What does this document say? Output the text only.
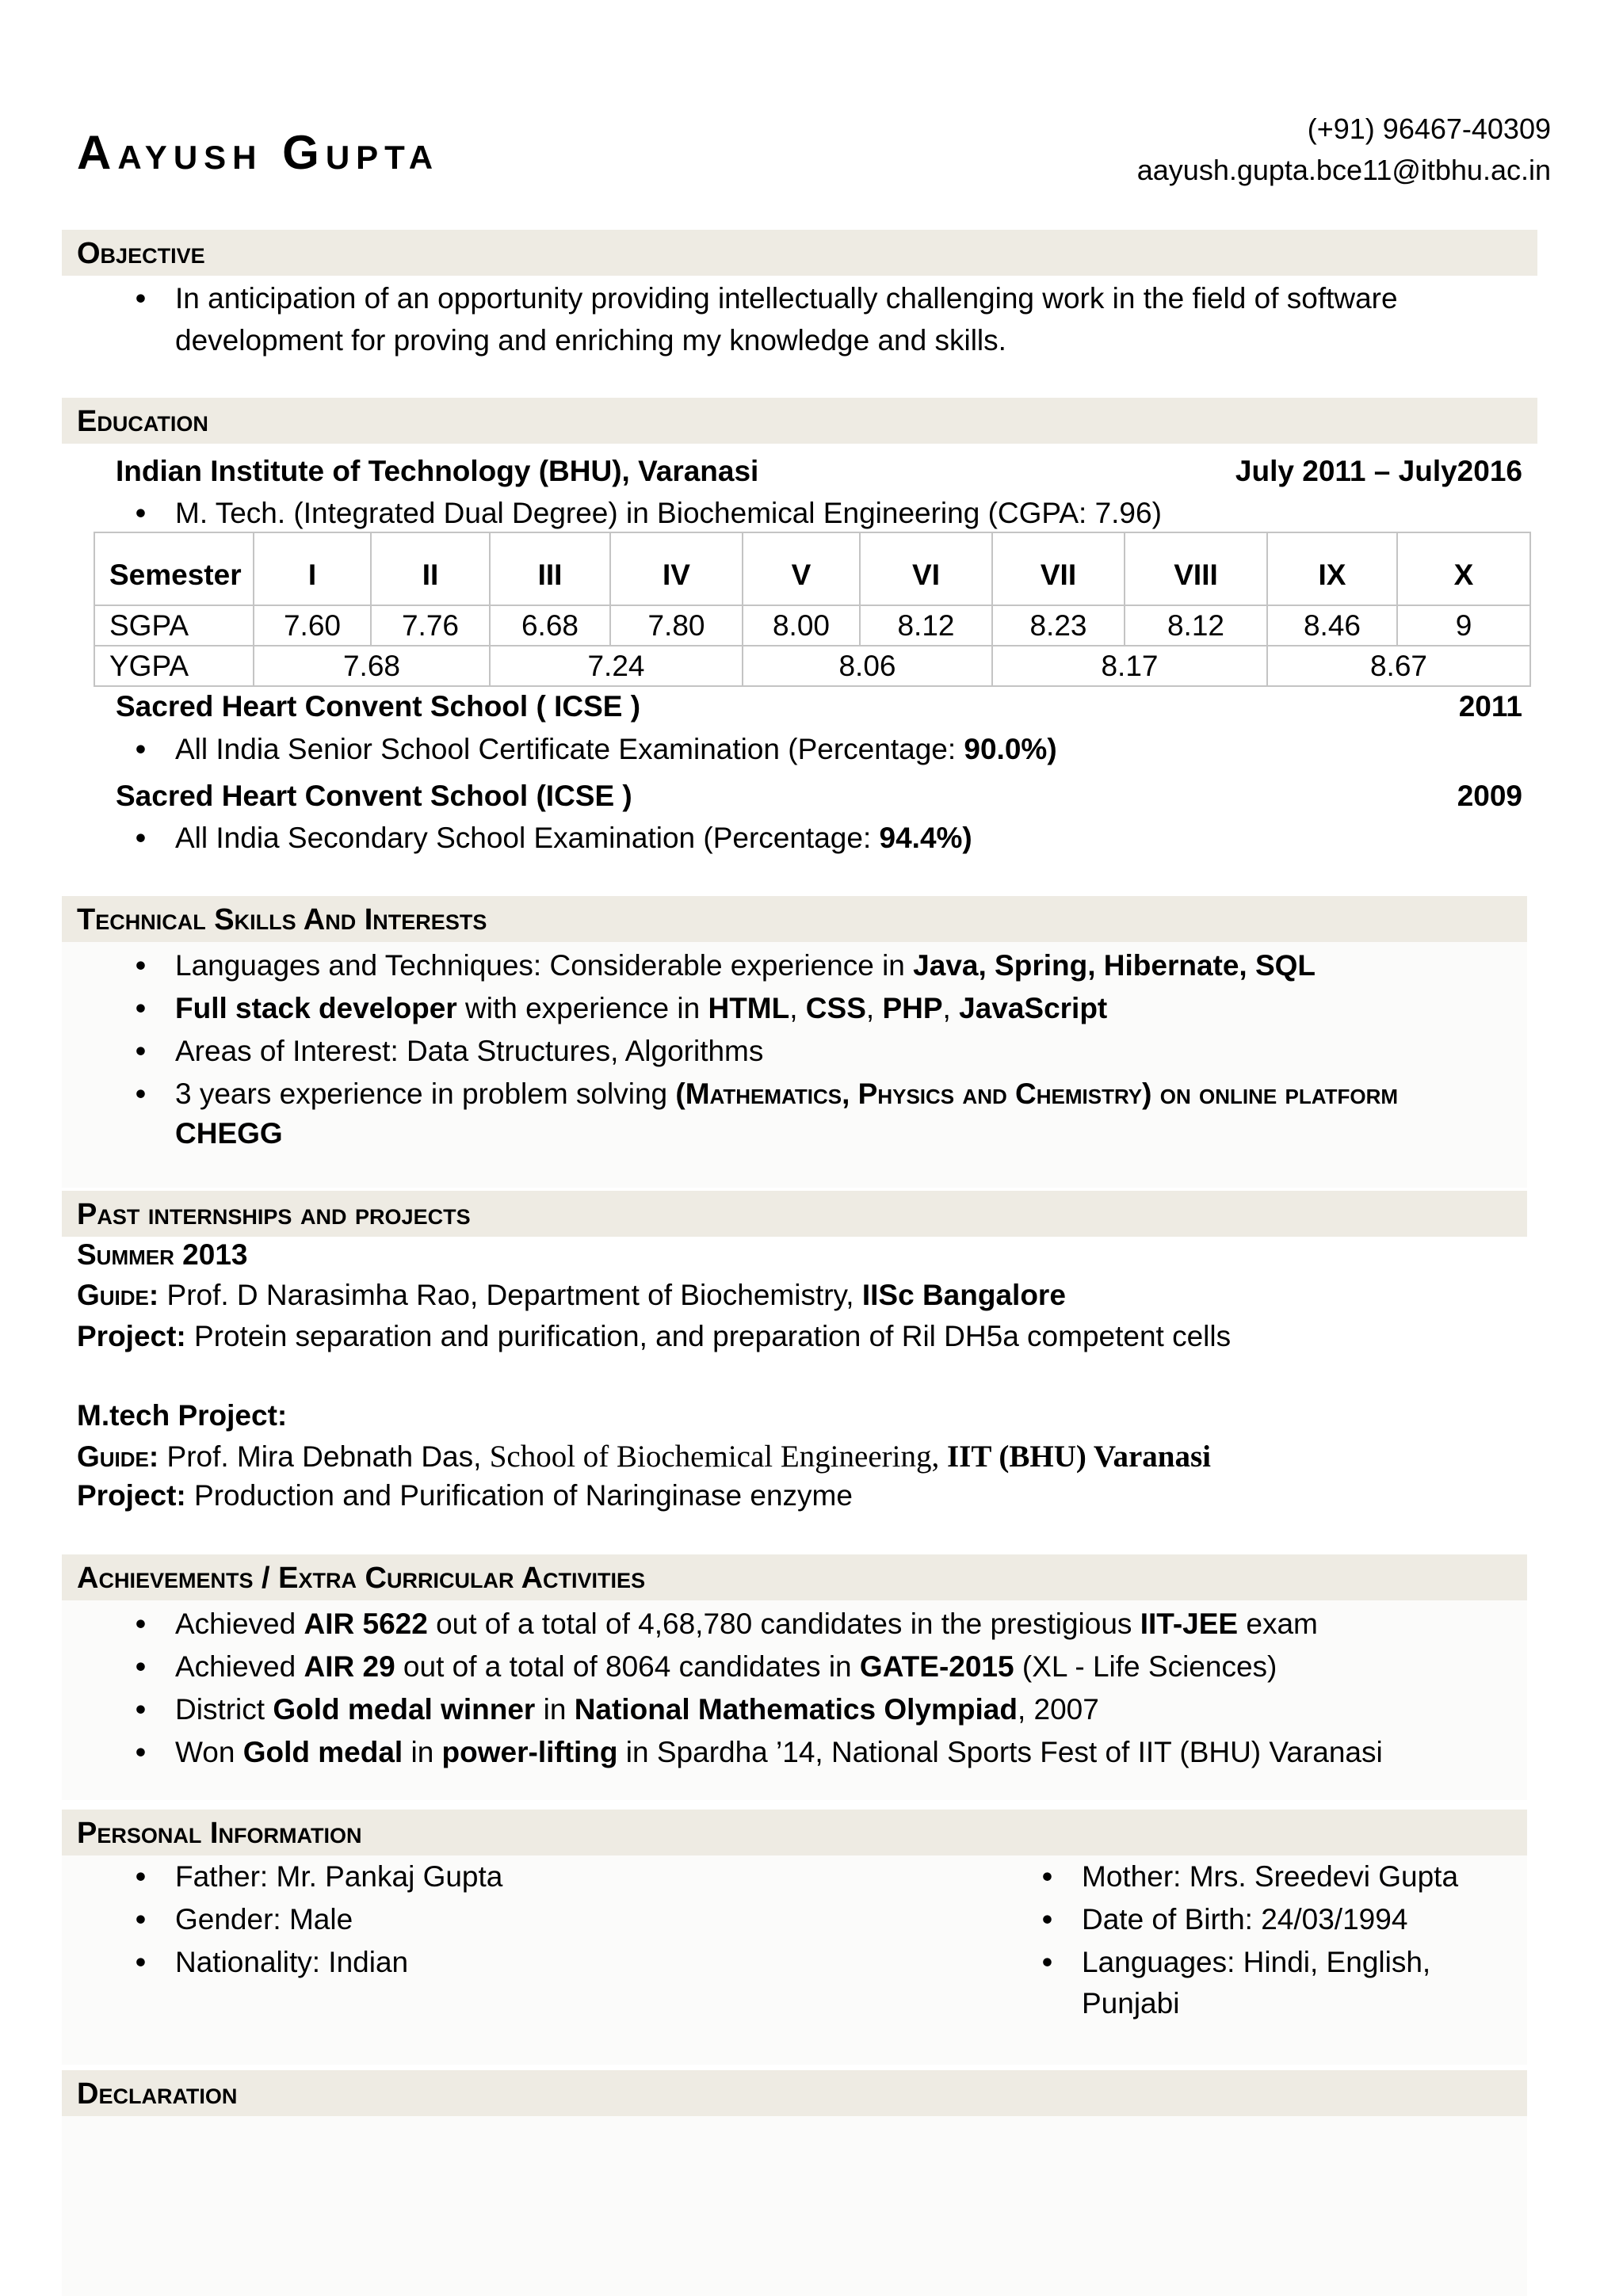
Aayush Gupta	(+91) 96467-40309
aayush.gupta.bce11@itbhu.ac.in
Objective
• In anticipation of an opportunity providing intellectually challenging work in the field of software
development for proving and enriching my knowledge and skills.
Education
Indian Institute of Technology (BHU), Varanasi	July 2011 – July2016
• M. Tech. (Integrated Dual Degree) in Biochemical Engineering (CGPA: 7.96)
Semester	I	II	III	IV	V	VI	VII	VIII	IX	X
SGPA	7.60	7.76	6.68	7.80	8.00	8.12	8.23	8.12	8.46	9
YGPA	7.68		7.24		8.06		8.17		8.67	
Sacred Heart Convent School ( ICSE )	2011
• All India Senior School Certificate Examination (Percentage: 90.0%)
Sacred Heart Convent School (ICSE )	2009
• All India Secondary School Examination (Percentage: 94.4%)
Technical Skills And Interests
• Languages and Techniques: Considerable experience in Java, Spring, Hibernate, SQL
• Full stack developer with experience in HTML, CSS, PHP, JavaScript
• Areas of Interest: Data Structures, Algorithms
• 3 years experience in problem solving (Mathematics, Physics and Chemistry) on online platform
CHEGG
Past internships and projects
Summer 2013
Guide: Prof. D Narasimha Rao, Department of Biochemistry, IISc Bangalore
Project: Protein separation and purification, and preparation of Ril DH5a competent cells
M.tech Project:
Guide: Prof. Mira Debnath Das, School of Biochemical Engineering, IIT (BHU) Varanasi
Project: Production and Purification of Naringinase enzyme
Achievements / Extra Curricular Activities
• Achieved AIR 5622 out of a total of 4,68,780 candidates in the prestigious IIT-JEE exam
• Achieved AIR 29 out of a total of 8064 candidates in GATE-2015 (XL - Life Sciences)
• District Gold medal winner in National Mathematics Olympiad, 2007
• Won Gold medal in power-lifting in Spardha ’14, National Sports Fest of IIT (BHU) Varanasi
Personal Information
• Father: Mr. Pankaj Gupta
• Gender: Male
• Nationality: Indian
• Mother: Mrs. Sreedevi Gupta
• Date of Birth: 24/03/1994
• Languages: Hindi, English,
Punjabi
Declaration
